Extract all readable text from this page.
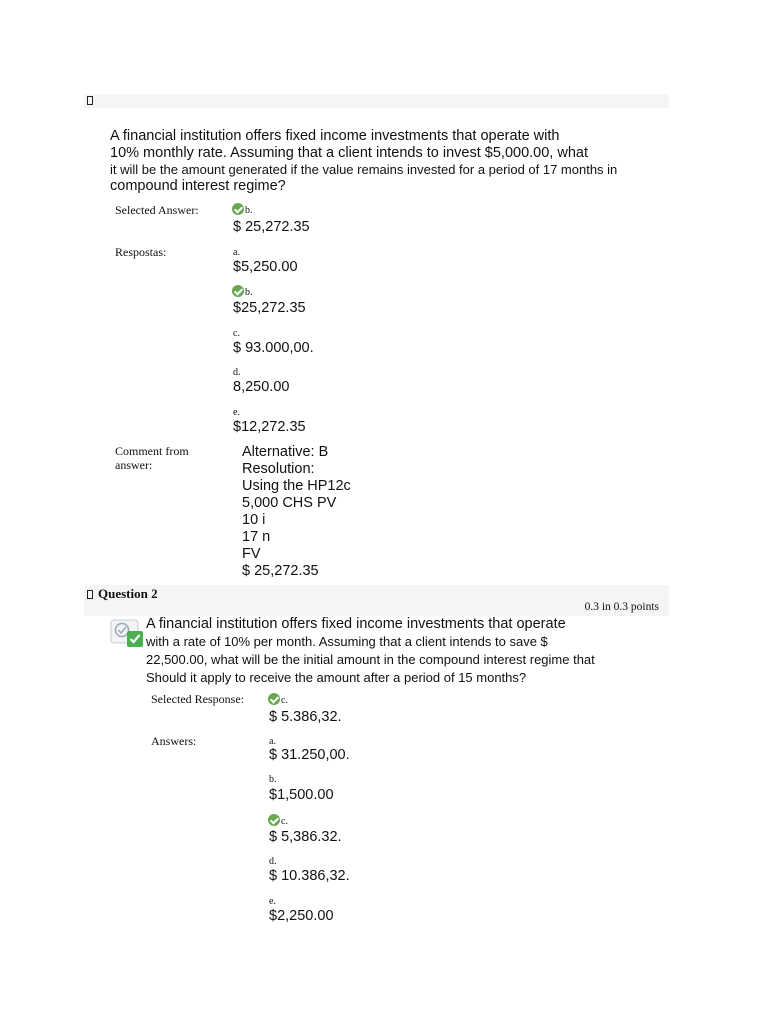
A financial institution offers fixed income investments that operate with
10% monthly rate. Assuming that a client intends to invest $5,000.00, what
it will be the amount generated if the value remains invested for a period of 17 months in
compound interest regime?
Selected Answer:	b.
$ 25,272.35
Respostas:	a.
$5,250.00
b.
$25,272.35
c.
$ 93.000,00.
d.
8,250.00
e.
$12,272.35
Comment from
answer:
Alternative: B
Resolution:
Using the HP12c
5,000 CHS PV
10 i
17 n
FV
$ 25,272.35
Question 2
0.3 in 0.3 points
A financial institution offers fixed income investments that operate
with a rate of 10% per month. Assuming that a client intends to save $
22,500.00, what will be the initial amount in the compound interest regime that
Should it apply to receive the amount after a period of 15 months?
Selected Response:	c.
$ 5.386,32.
Answers:	a.
$ 31.250,00.
b.
$1,500.00
c.
$ 5,386.32.
d.
$ 10.386,32.
e.
$2,250.00
